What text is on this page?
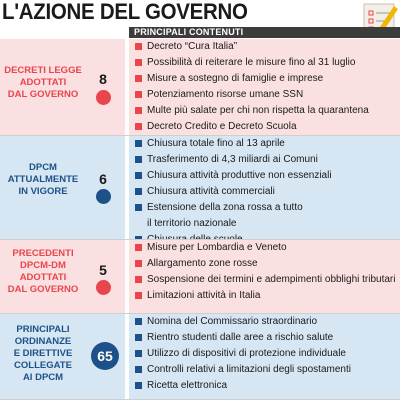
L'AZIONE DEL GOVERNO
PRINCIPALI CONTENUTI
DECRETI LEGGE
ADOTTATI
DAL GOVERNO
8
Decreto “Cura Italia”
Possibilità di reiterare le misure fino al 31 luglio
Misure a sostegno di famiglie e imprese
Potenziamento risorse umane SSN
Multe più salate per chi non rispetta la quarantena
Decreto Credito e Decreto Scuola
DPCM
ATTUALMENTE
IN VIGORE
6
Chiusura totale fino al 13 aprile
Trasferimento di 4,3 miliardi ai Comuni
Chiusura attività produttive non essenziali
Chiusura attività commerciali
Estensione della zona rossa a tutto
il territorio nazionale
PRECEDENTI
DPCM-DM
ADOTTATI
DAL GOVERNO
5
Misure per Lombardia e Veneto
Allargamento zone rosse
Sospensione dei termini e adempimenti obblighi tributari
Limitazioni attività in Italia
PRINCIPALI
ORDINANZE
E DIRETTIVE
COLLEGATE
AI DPCM
65
Nomina del Commissario straordinario
Rientro studenti dalle aree a rischio salute
Utilizzo di dispositivi di protezione individuale
Controlli relativi a limitazioni degli spostamenti
Ricetta elettronica
